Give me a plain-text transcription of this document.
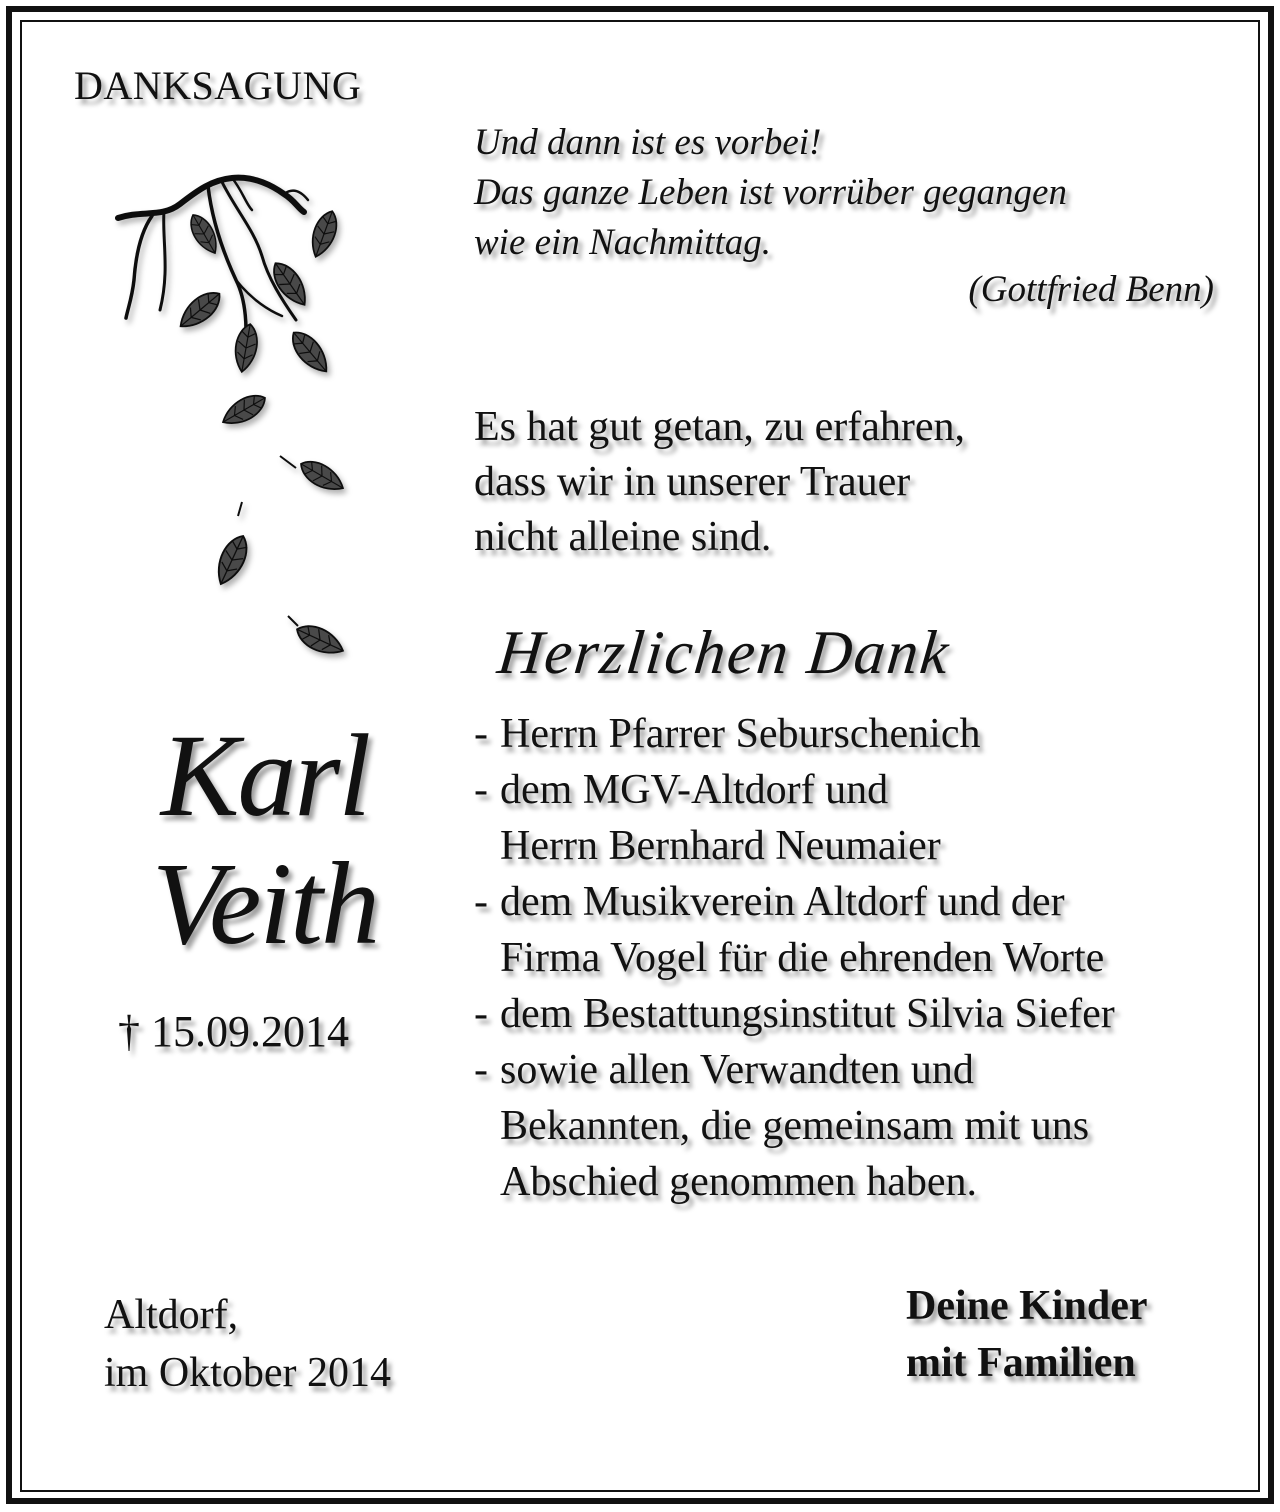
DANKSAGUNG

Und dann ist es vorbei!
Das ganze Leben ist vorrüber gegangen
wie ein Nachmittag.

(Gottfried Benn)

Es hat gut getan, zu erfahren,
dass wir in unserer Trauer
nicht alleine sind.

Herzlichen Dank

- Herrn Pfarrer Seburschenich
- dem MGV-Altdorf und
Herrn Bernhard Neumaier
- dem Musikverein Altdorf und der
Firma Vogel für die ehrenden Worte
- dem Bestattungsinstitut Silvia Siefer
- sowie allen Verwandten und
Bekannten, die gemeinsam mit uns
Abschied genommen haben.
Karl
Veith

† 15.09.2014

Altdorf,
im Oktober 2014
Deine Kinder
mit Familien
